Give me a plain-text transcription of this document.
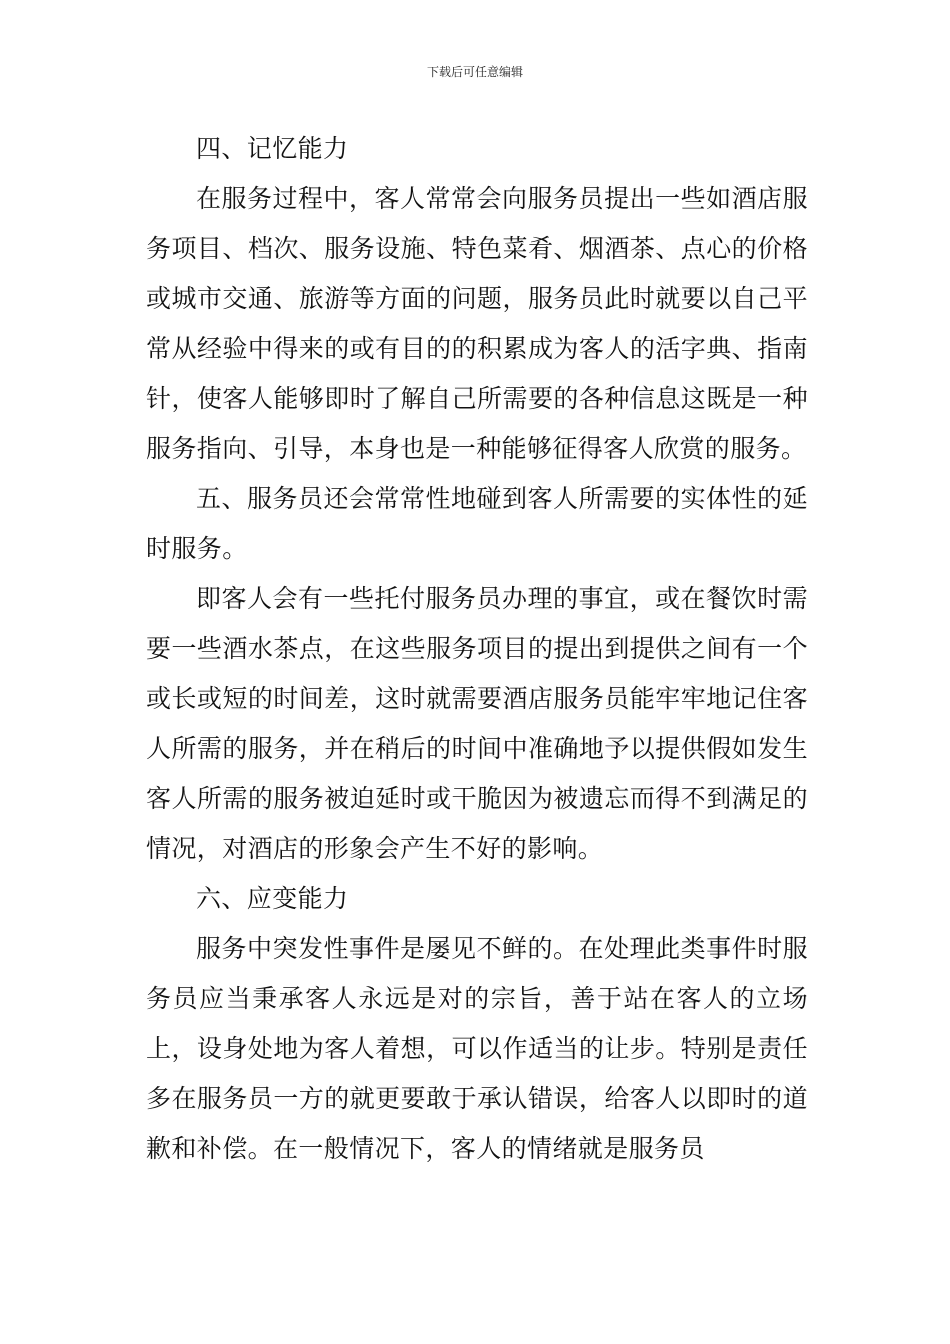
下载后可任意编辑

四、记忆能力

在服务过程中，客人常常会向服务员提出一些如酒店服务项目、档次、服务设施、特色菜肴、烟酒茶、点心的价格或城市交通、旅游等方面的问题，服务员此时就要以自己平常从经验中得来的或有目的的积累成为客人的活字典、指南针，使客人能够即时了解自己所需要的各种信息这既是一种服务指向、引导，本身也是一种能够征得客人欣赏的服务。

五、服务员还会常常性地碰到客人所需要的实体性的延时服务。

即客人会有一些托付服务员办理的事宜，或在餐饮时需要一些酒水茶点，在这些服务项目的提出到提供之间有一个或长或短的时间差，这时就需要酒店服务员能牢牢地记住客人所需的服务，并在稍后的时间中准确地予以提供假如发生客人所需的服务被迫延时或干脆因为被遗忘而得不到满足的情况，对酒店的形象会产生不好的影响。

六、应变能力

服务中突发性事件是屡见不鲜的。在处理此类事件时服务员应当秉承客人永远是对的宗旨，善于站在客人的立场上，设身处地为客人着想，可以作适当的让步。特别是责任多在服务员一方的就更要敢于承认错误，给客人以即时的道歉和补偿。在一般情况下，客人的情绪就是服务员
